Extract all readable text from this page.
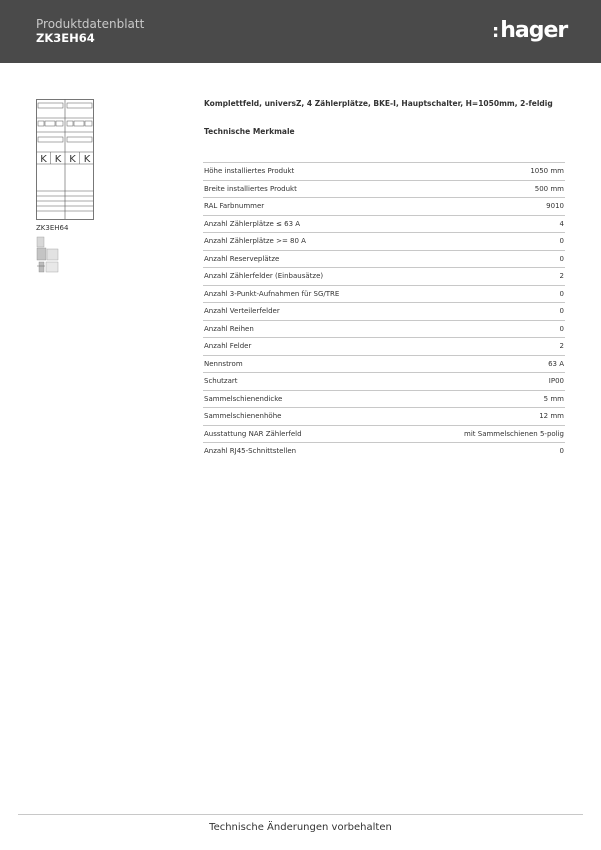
Produktdatenblatt
ZK3EH64	:hager
K K K K
ZK3EH64
Komplettfeld, universZ, 4 Zählerplätze, BKE-I, Hauptschalter, H=1050mm, 2-feldig
Technische Merkmale
Höhe installiertes Produkt	1050 mm
Breite installiertes Produkt	500 mm
RAL Farbnummer	9010
Anzahl Zählerplätze ≤ 63 A	4
Anzahl Zählerplätze >= 80 A	0
Anzahl Reserveplätze	0
Anzahl Zählerfelder (Einbausätze)	2
Anzahl 3-Punkt-Aufnahmen für SG/TRE	0
Anzahl Verteilerfelder	0
Anzahl Reihen	0
Anzahl Felder	2
Nennstrom	63 A
Schutzart	IP00
Sammelschienendicke	5 mm
Sammelschienenhöhe	12 mm
Ausstattung NAR Zählerfeld	mit Sammelschienen 5-polig
Anzahl RJ45-Schnittstellen	0
Technische Änderungen vorbehalten
